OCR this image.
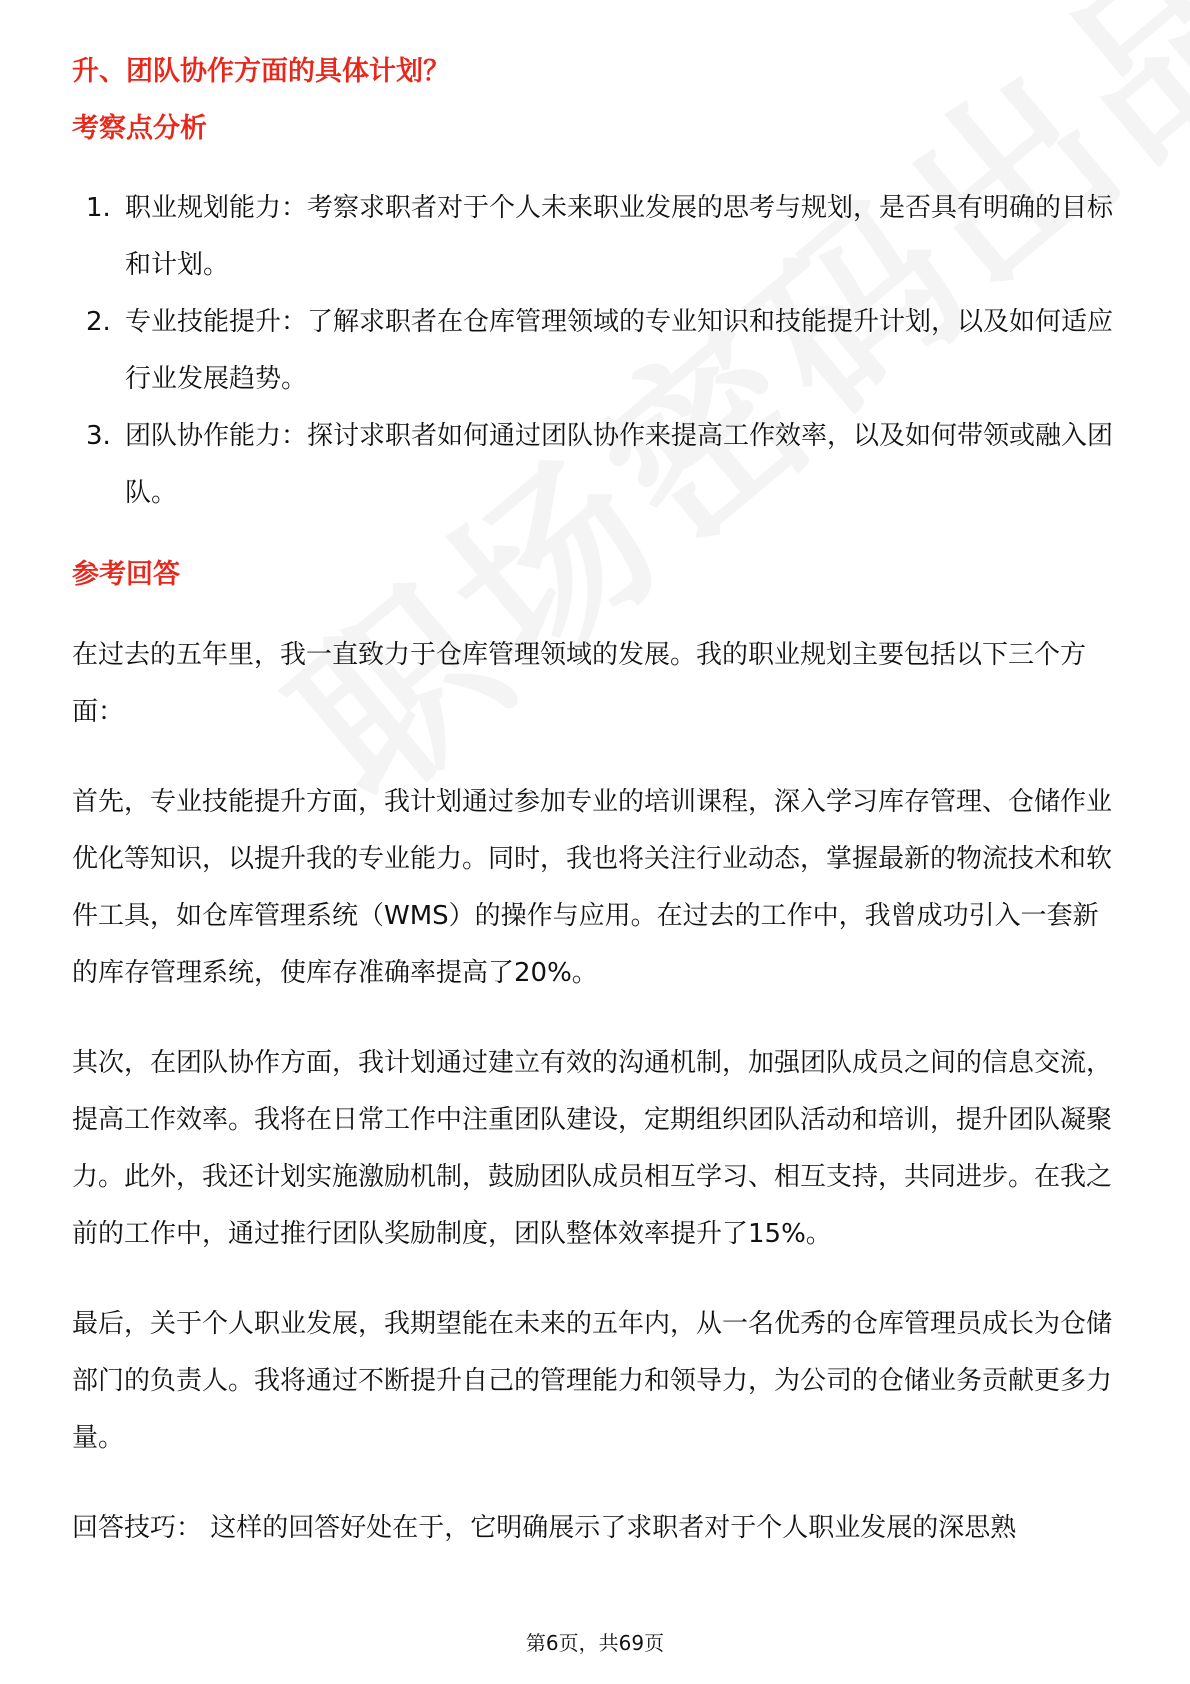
升、团队协作方面的具体计划？
考察点分析
1. 职业规划能力：考察求职者对于个人未来职业发展的思考与规划，是否具有明确的目标和计划。
2. 专业技能提升：了解求职者在仓库管理领域的专业知识和技能提升计划，以及如何适应行业发展趋势。
3. 团队协作能力：探讨求职者如何通过团队协作来提高工作效率，以及如何带领或融入团队。
参考回答

在过去的五年里，我一直致力于仓库管理领域的发展。我的职业规划主要包括以下三个方面：

首先，专业技能提升方面，我计划通过参加专业的培训课程，深入学习库存管理、仓储作业优化等知识，以提升我的专业能力。同时，我也将关注行业动态，掌握最新的物流技术和软件工具，如仓库管理系统（WMS）的操作与应用。在过去的工作中，我曾成功引入一套新的库存管理系统，使库存准确率提高了20%。

其次，在团队协作方面，我计划通过建立有效的沟通机制，加强团队成员之间的信息交流，提高工作效率。我将在日常工作中注重团队建设，定期组织团队活动和培训，提升团队凝聚力。此外，我还计划实施激励机制，鼓励团队成员相互学习、相互支持，共同进步。在我之前的工作中，通过推行团队奖励制度，团队整体效率提升了15%。

最后，关于个人职业发展，我期望能在未来的五年内，从一名优秀的仓库管理员成长为仓储部门的负责人。我将通过不断提升自己的管理能力和领导力，为公司的仓储业务贡献更多力量。

回答技巧： 这样的回答好处在于，它明确展示了求职者对于个人职业发展的深思熟

第6页，共69页
